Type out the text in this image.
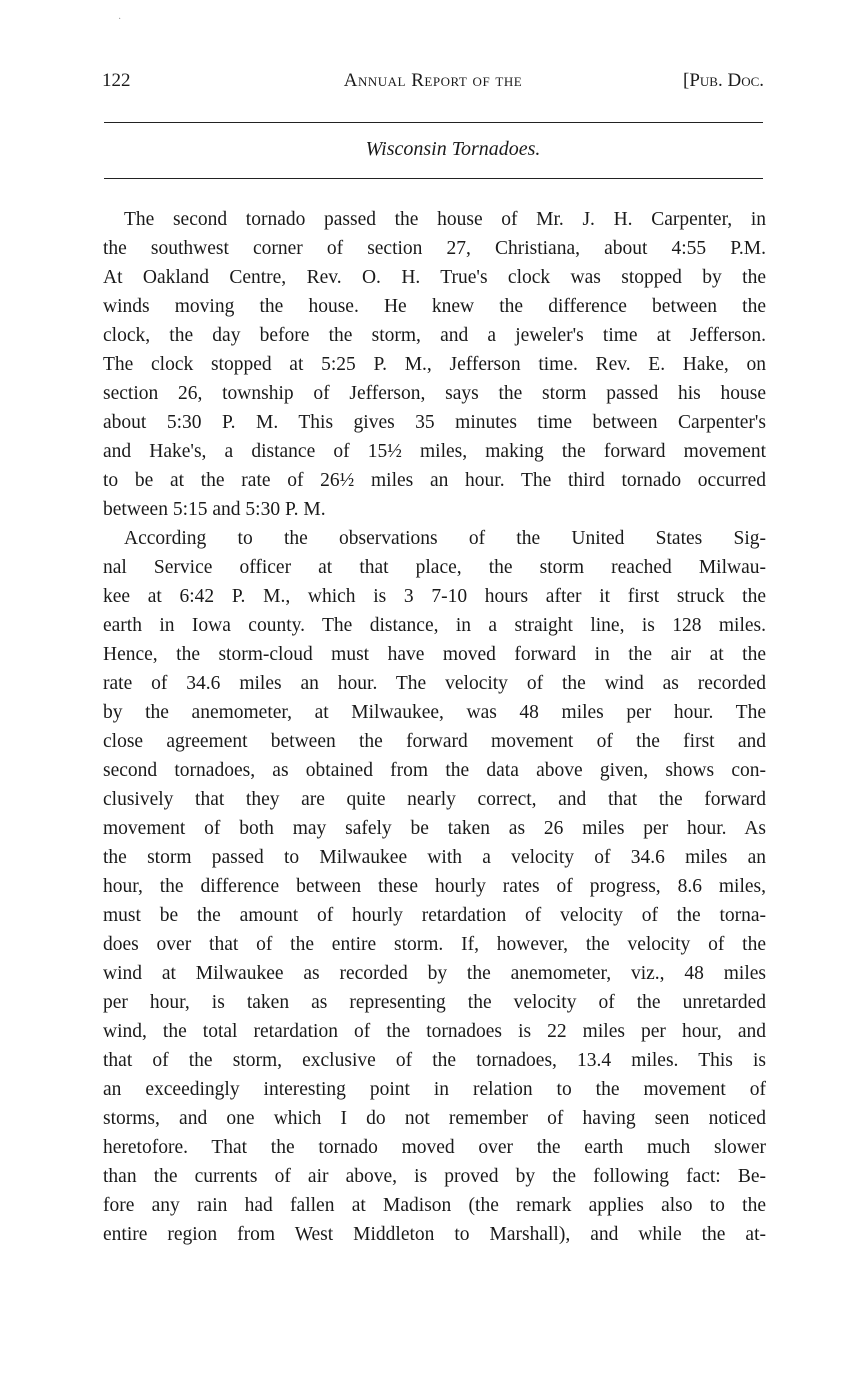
·
122	Annual Report of the	[Pub. Doc.
Wisconsin Tornadoes.
The second tornado passed the house of Mr. J. H. Carpenter, in
the southwest corner of section 27, Christiana, about 4:55 P.M.
At Oakland Centre, Rev. O. H. True's clock was stopped by the
winds moving the house. He knew the difference between the
clock, the day before the storm, and a jeweler's time at Jefferson.
The clock stopped at 5:25 P. M., Jefferson time. Rev. E. Hake, on
section 26, township of Jefferson, says the storm passed his house
about 5:30 P. M. This gives 35 minutes time between Carpenter's
and Hake's, a distance of 15½ miles, making the forward movement
to be at the rate of 26½ miles an hour. The third tornado occurred
between 5:15 and 5:30 P. M.
According to the observations of the United States Sig-
nal Service officer at that place, the storm reached Milwau-
kee at 6:42 P. M., which is 3 7-10 hours after it first struck the
earth in Iowa county. The distance, in a straight line, is 128 miles.
Hence, the storm-cloud must have moved forward in the air at the
rate of 34.6 miles an hour. The velocity of the wind as recorded
by the anemometer, at Milwaukee, was 48 miles per hour. The
close agreement between the forward movement of the first and
second tornadoes, as obtained from the data above given, shows con-
clusively that they are quite nearly correct, and that the forward
movement of both may safely be taken as 26 miles per hour. As
the storm passed to Milwaukee with a velocity of 34.6 miles an
hour, the difference between these hourly rates of progress, 8.6 miles,
must be the amount of hourly retardation of velocity of the torna-
does over that of the entire storm. If, however, the velocity of the
wind at Milwaukee as recorded by the anemometer, viz., 48 miles
per hour, is taken as representing the velocity of the unretarded
wind, the total retardation of the tornadoes is 22 miles per hour, and
that of the storm, exclusive of the tornadoes, 13.4 miles. This is
an exceedingly interesting point in relation to the movement of
storms, and one which I do not remember of having seen noticed
heretofore. That the tornado moved over the earth much slower
than the currents of air above, is proved by the following fact: Be-
fore any rain had fallen at Madison (the remark applies also to the
entire region from West Middleton to Marshall), and while the at-
